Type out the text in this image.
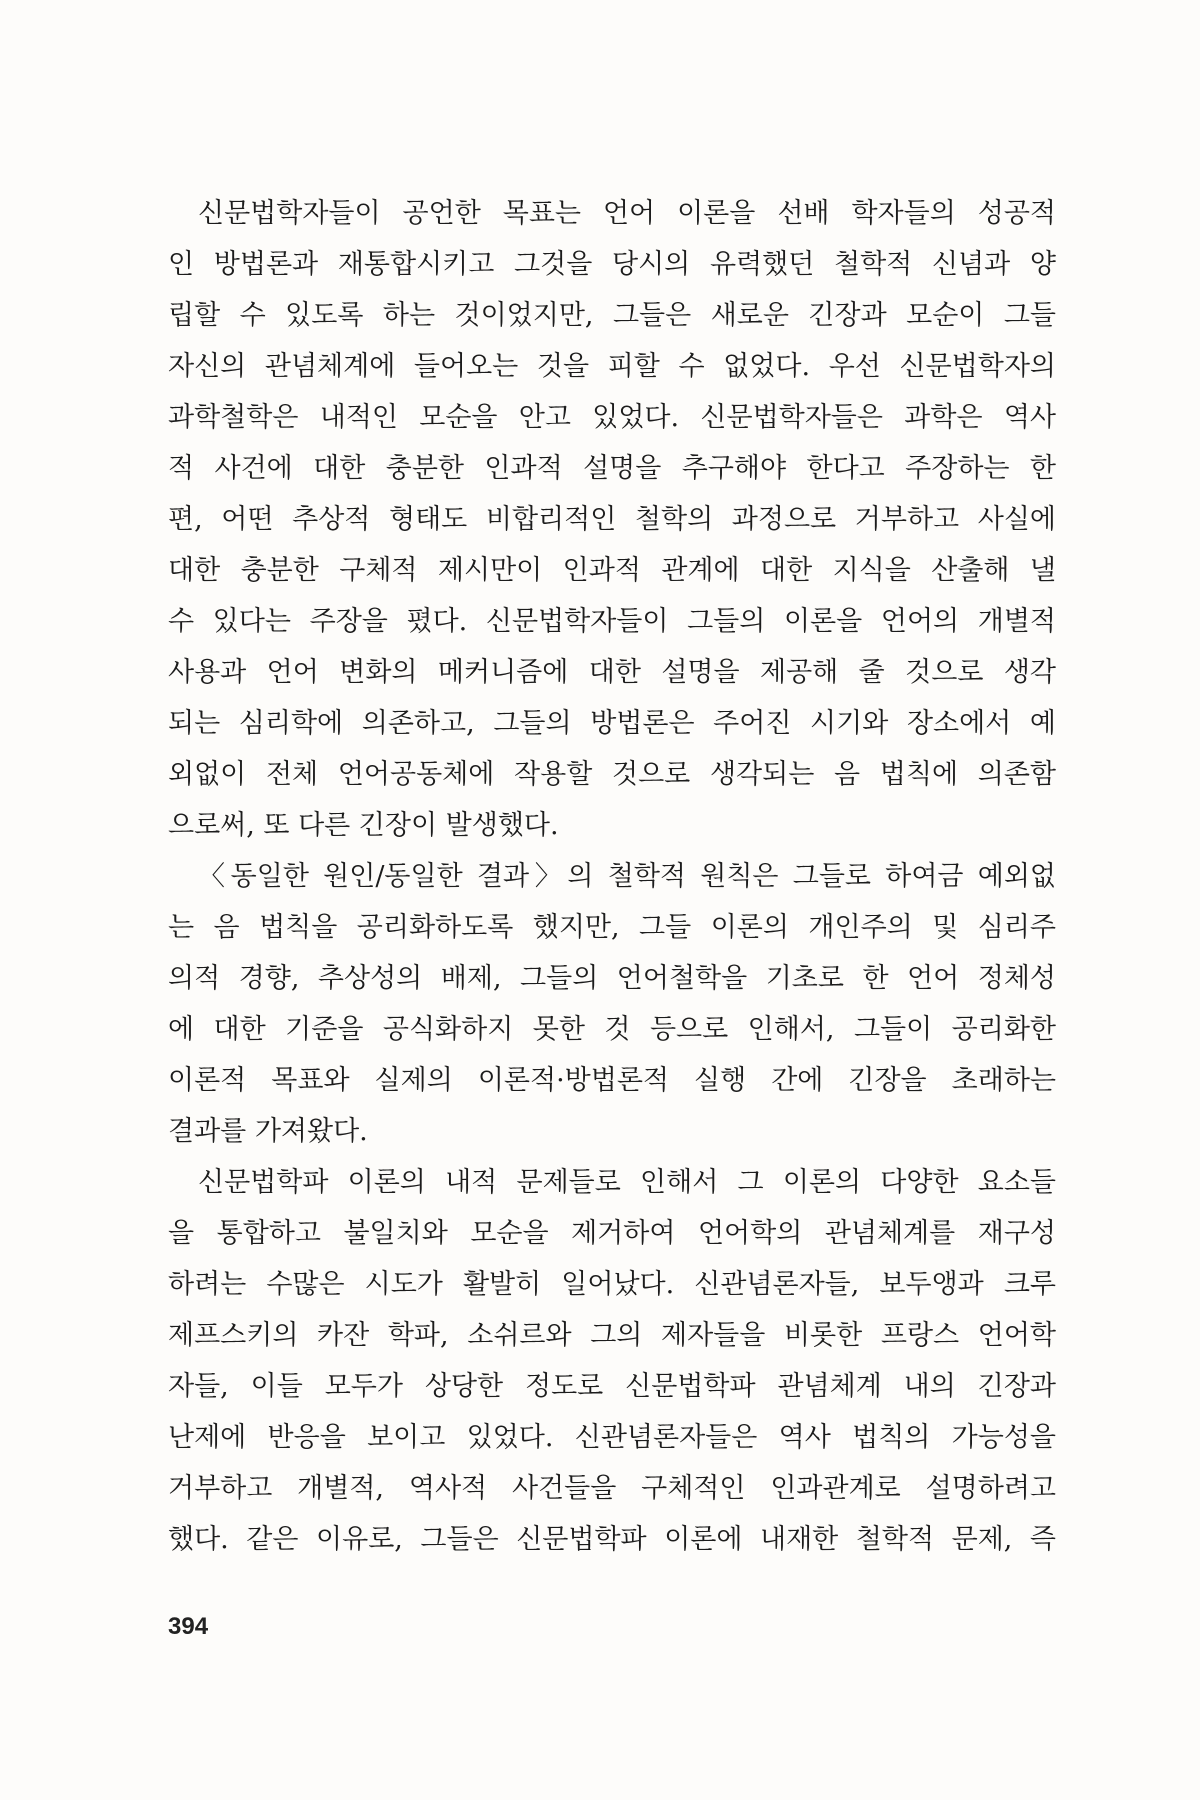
신문법학자들이 공언한 목표는 언어 이론을 선배 학자들의 성공적
인 방법론과 재통합시키고 그것을 당시의 유력했던 철학적 신념과 양
립할 수 있도록 하는 것이었지만, 그들은 새로운 긴장과 모순이 그들
자신의 관념체계에 들어오는 것을 피할 수 없었다. 우선 신문법학자의
과학철학은 내적인 모순을 안고 있었다. 신문법학자들은 과학은 역사
적 사건에 대한 충분한 인과적 설명을 추구해야 한다고 주장하는 한
편, 어떤 추상적 형태도 비합리적인 철학의 과정으로 거부하고 사실에
대한 충분한 구체적 제시만이 인과적 관계에 대한 지식을 산출해 낼
수 있다는 주장을 폈다. 신문법학자들이 그들의 이론을 언어의 개별적
사용과 언어 변화의 메커니즘에 대한 설명을 제공해 줄 것으로 생각
되는 심리학에 의존하고, 그들의 방법론은 주어진 시기와 장소에서 예
외없이 전체 언어공동체에 작용할 것으로 생각되는 음 법칙에 의존함
으로써, 또 다른 긴장이 발생했다.
〈동일한 원인/동일한 결과〉의 철학적 원칙은 그들로 하여금 예외없
는 음 법칙을 공리화하도록 했지만, 그들 이론의 개인주의 및 심리주
의적 경향, 추상성의 배제, 그들의 언어철학을 기초로 한 언어 정체성
에 대한 기준을 공식화하지 못한 것 등으로 인해서, 그들이 공리화한
이론적 목표와 실제의 이론적·방법론적 실행 간에 긴장을 초래하는
결과를 가져왔다.
신문법학파 이론의 내적 문제들로 인해서 그 이론의 다양한 요소들
을 통합하고 불일치와 모순을 제거하여 언어학의 관념체계를 재구성
하려는 수많은 시도가 활발히 일어났다. 신관념론자들, 보두앵과 크루
제프스키의 카잔 학파, 소쉬르와 그의 제자들을 비롯한 프랑스 언어학
자들, 이들 모두가 상당한 정도로 신문법학파 관념체계 내의 긴장과
난제에 반응을 보이고 있었다. 신관념론자들은 역사 법칙의 가능성을
거부하고 개별적, 역사적 사건들을 구체적인 인과관계로 설명하려고
했다. 같은 이유로, 그들은 신문법학파 이론에 내재한 철학적 문제, 즉
394
